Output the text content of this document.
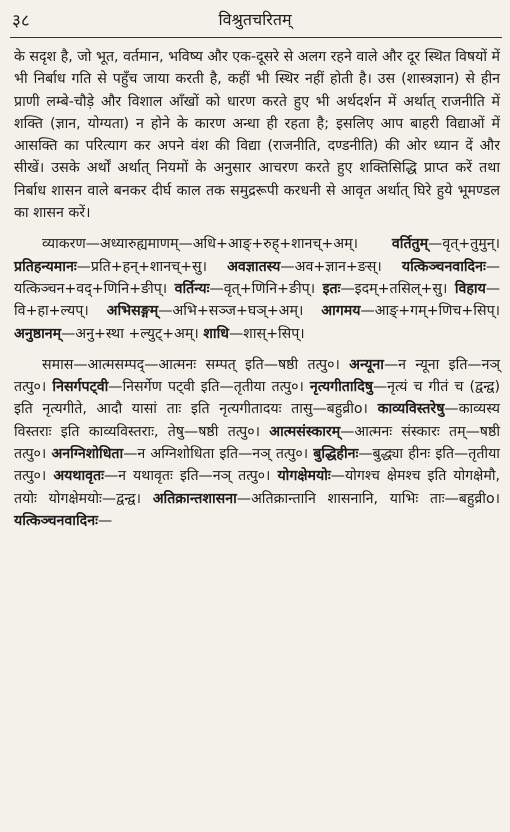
३८	विश्रुतचरितम्

के सदृश है, जो भूत, वर्तमान, भविष्य और एक-दूसरे से अलग रहने वाले और दूर स्थित विषयों में भी निर्बाध गति से पहुँच जाया करती है, कहीं भी स्थिर नहीं होती है। उस (शास्त्रज्ञान) से हीन प्राणी लम्बे-चौड़े और विशाल आँखों को धारण करते हुए भी अर्थदर्शन में अर्थात् राजनीति में शक्ति (ज्ञान, योग्यता) न होने के कारण अन्धा ही रहता है; इसलिए आप बाहरी विद्याओं में आसक्ति का परित्याग कर अपने वंश की विद्या (राजनीति, दण्डनीति) की ओर ध्यान दें और सीखें। उसके अर्थों अर्थात् नियमों के अनुसार आचरण करते हुए शक्तिसिद्धि प्राप्त करें तथा निर्बाध शासन वाले बनकर दीर्घ काल तक समुद्ररूपी करधनी से आवृत अर्थात् घिरे हुये भूमण्डल का शासन करें।

व्याकरण—अध्यारुह्यमाणम्—अधि+आङ्+रुह्+शानच्+अम्। वर्तितुम्—वृत्+तुमुन्। प्रतिहन्यमानः—प्रति+हन्+शानच्+सु। अवज्ञातस्य—अव+ज्ञान+ङस्। यत्किञ्चनवादिनः—यत्किञ्चन+वद्+णिनि+ङीप्। वर्तिन्यः—वृत्+णिनि+ङीप्। इतः—इदम्+तसिल्+सु। विहाय—वि+हा+ल्यप्। अभिसङ्गम्—अभि+सञ्ज+घञ्+अम्। आगमय—आङ्+गम्+णिच+सिप्। अनुष्ठानम्—अनु+स्था +ल्युट्+अम्। शाधि—शास्+सिप्।

समास—आत्मसम्पद्—आत्मनः सम्पत् इति—षष्ठी तत्पु०। अन्यूना—न न्यूना इति—नञ् तत्पु०। निसर्गपट्वी—निसर्गेण पट्वी इति—तृतीया तत्पु०। नृत्यगीतादिषु—नृत्यं च गीतं च (द्वन्द्व) इति नृत्यगीते, आदौ यासां ताः इति नृत्यगीतादयः तासु—बहुव्रीο। काव्यविस्तरेषु—काव्यस्य विस्तराः इति काव्यविस्तराः, तेषु—षष्ठी तत्पु०। आत्मसंस्कारम्—आत्मनः संस्कारः तम्—षष्ठी तत्पु०। अनग्निशोधिता—न अग्निशोधिता इति—नञ् तत्पु०। बुद्धिहीनः—बुद्ध्या हीनः इति—तृतीया तत्पु०। अयथावृतः—न यथावृतः इति—नञ् तत्पु०। योगक्षेमयोः—योगश्च क्षेमश्च इति योगक्षेमौ, तयोः योगक्षेमयोः—द्वन्द्व। अतिक्रान्तशासना—अतिक्रान्तानि शासनानि, याभिः ताः—बहुव्रीο। यत्किञ्चनवादिनः—
